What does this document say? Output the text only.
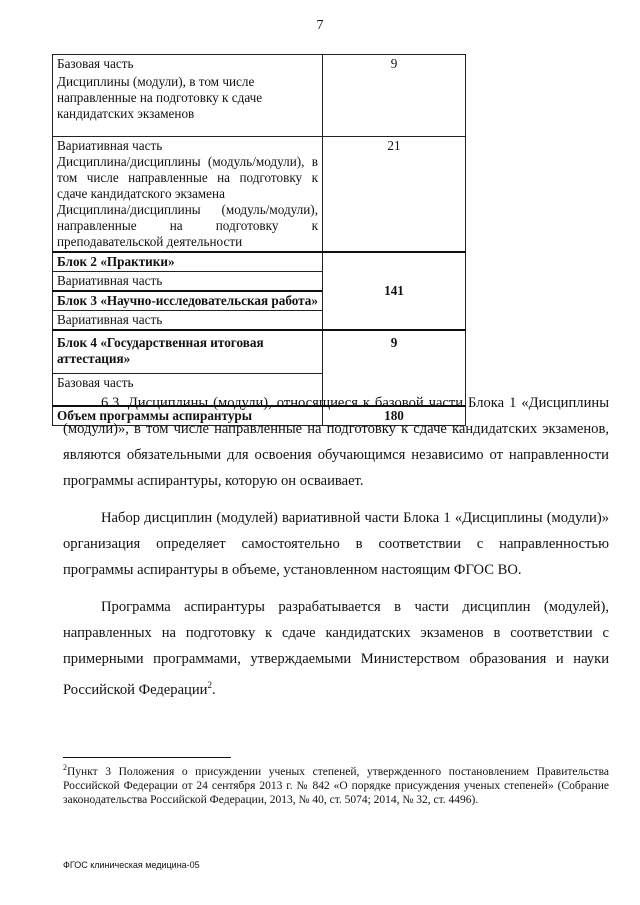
7
Базовая часть	9
Дисциплины (модули), в том числе направленные на подготовку к сдаче кандидатских экзаменов	

Вариативная часть
Дисциплина/дисциплины (модуль/модули), в том числе направленные на подготовку к сдаче кандидатского экзамена
Дисциплина/дисциплины (модуль/модули), направленные на подготовку к преподавательской деятельности	21
Блок 2 «Практики»	141
Вариативная часть	
Блок 3 «Научно-исследовательская работа»	
Вариативная часть	
Блок 4 «Государственная итоговая аттестация»	9
Базовая часть	
Объем программы аспирантуры	180

6.3. Дисциплины (модули), относящиеся к базовой части Блока 1 «Дисциплины (модули)», в том числе направленные на подготовку к сдаче кандидатских экзаменов, являются обязательными для освоения обучающимся независимо от направленности программы аспирантуры, которую он осваивает.

Набор дисциплин (модулей) вариативной части Блока 1 «Дисциплины (модули)» организация определяет самостоятельно в соответствии с направленностью программы аспирантуры в объеме, установленном настоящим ФГОС ВО.

Программа аспирантуры разрабатывается в части дисциплин (модулей), направленных на подготовку к сдаче кандидатских экзаменов в соответствии с примерными программами, утверждаемыми Министерством образования и науки Российской Федерации$^2$.

$^2$Пункт 3 Положения о присуждении ученых степеней, утвержденного постановлением Правительства Российской Федерации от 24 сентября 2013 г. № 842 «О порядке присуждения ученых степеней» (Собрание законодательства Российской Федерации, 2013, № 40, ст. 5074; 2014, № 32, ст. 4496).
ФГОС клиническая медицина-05
